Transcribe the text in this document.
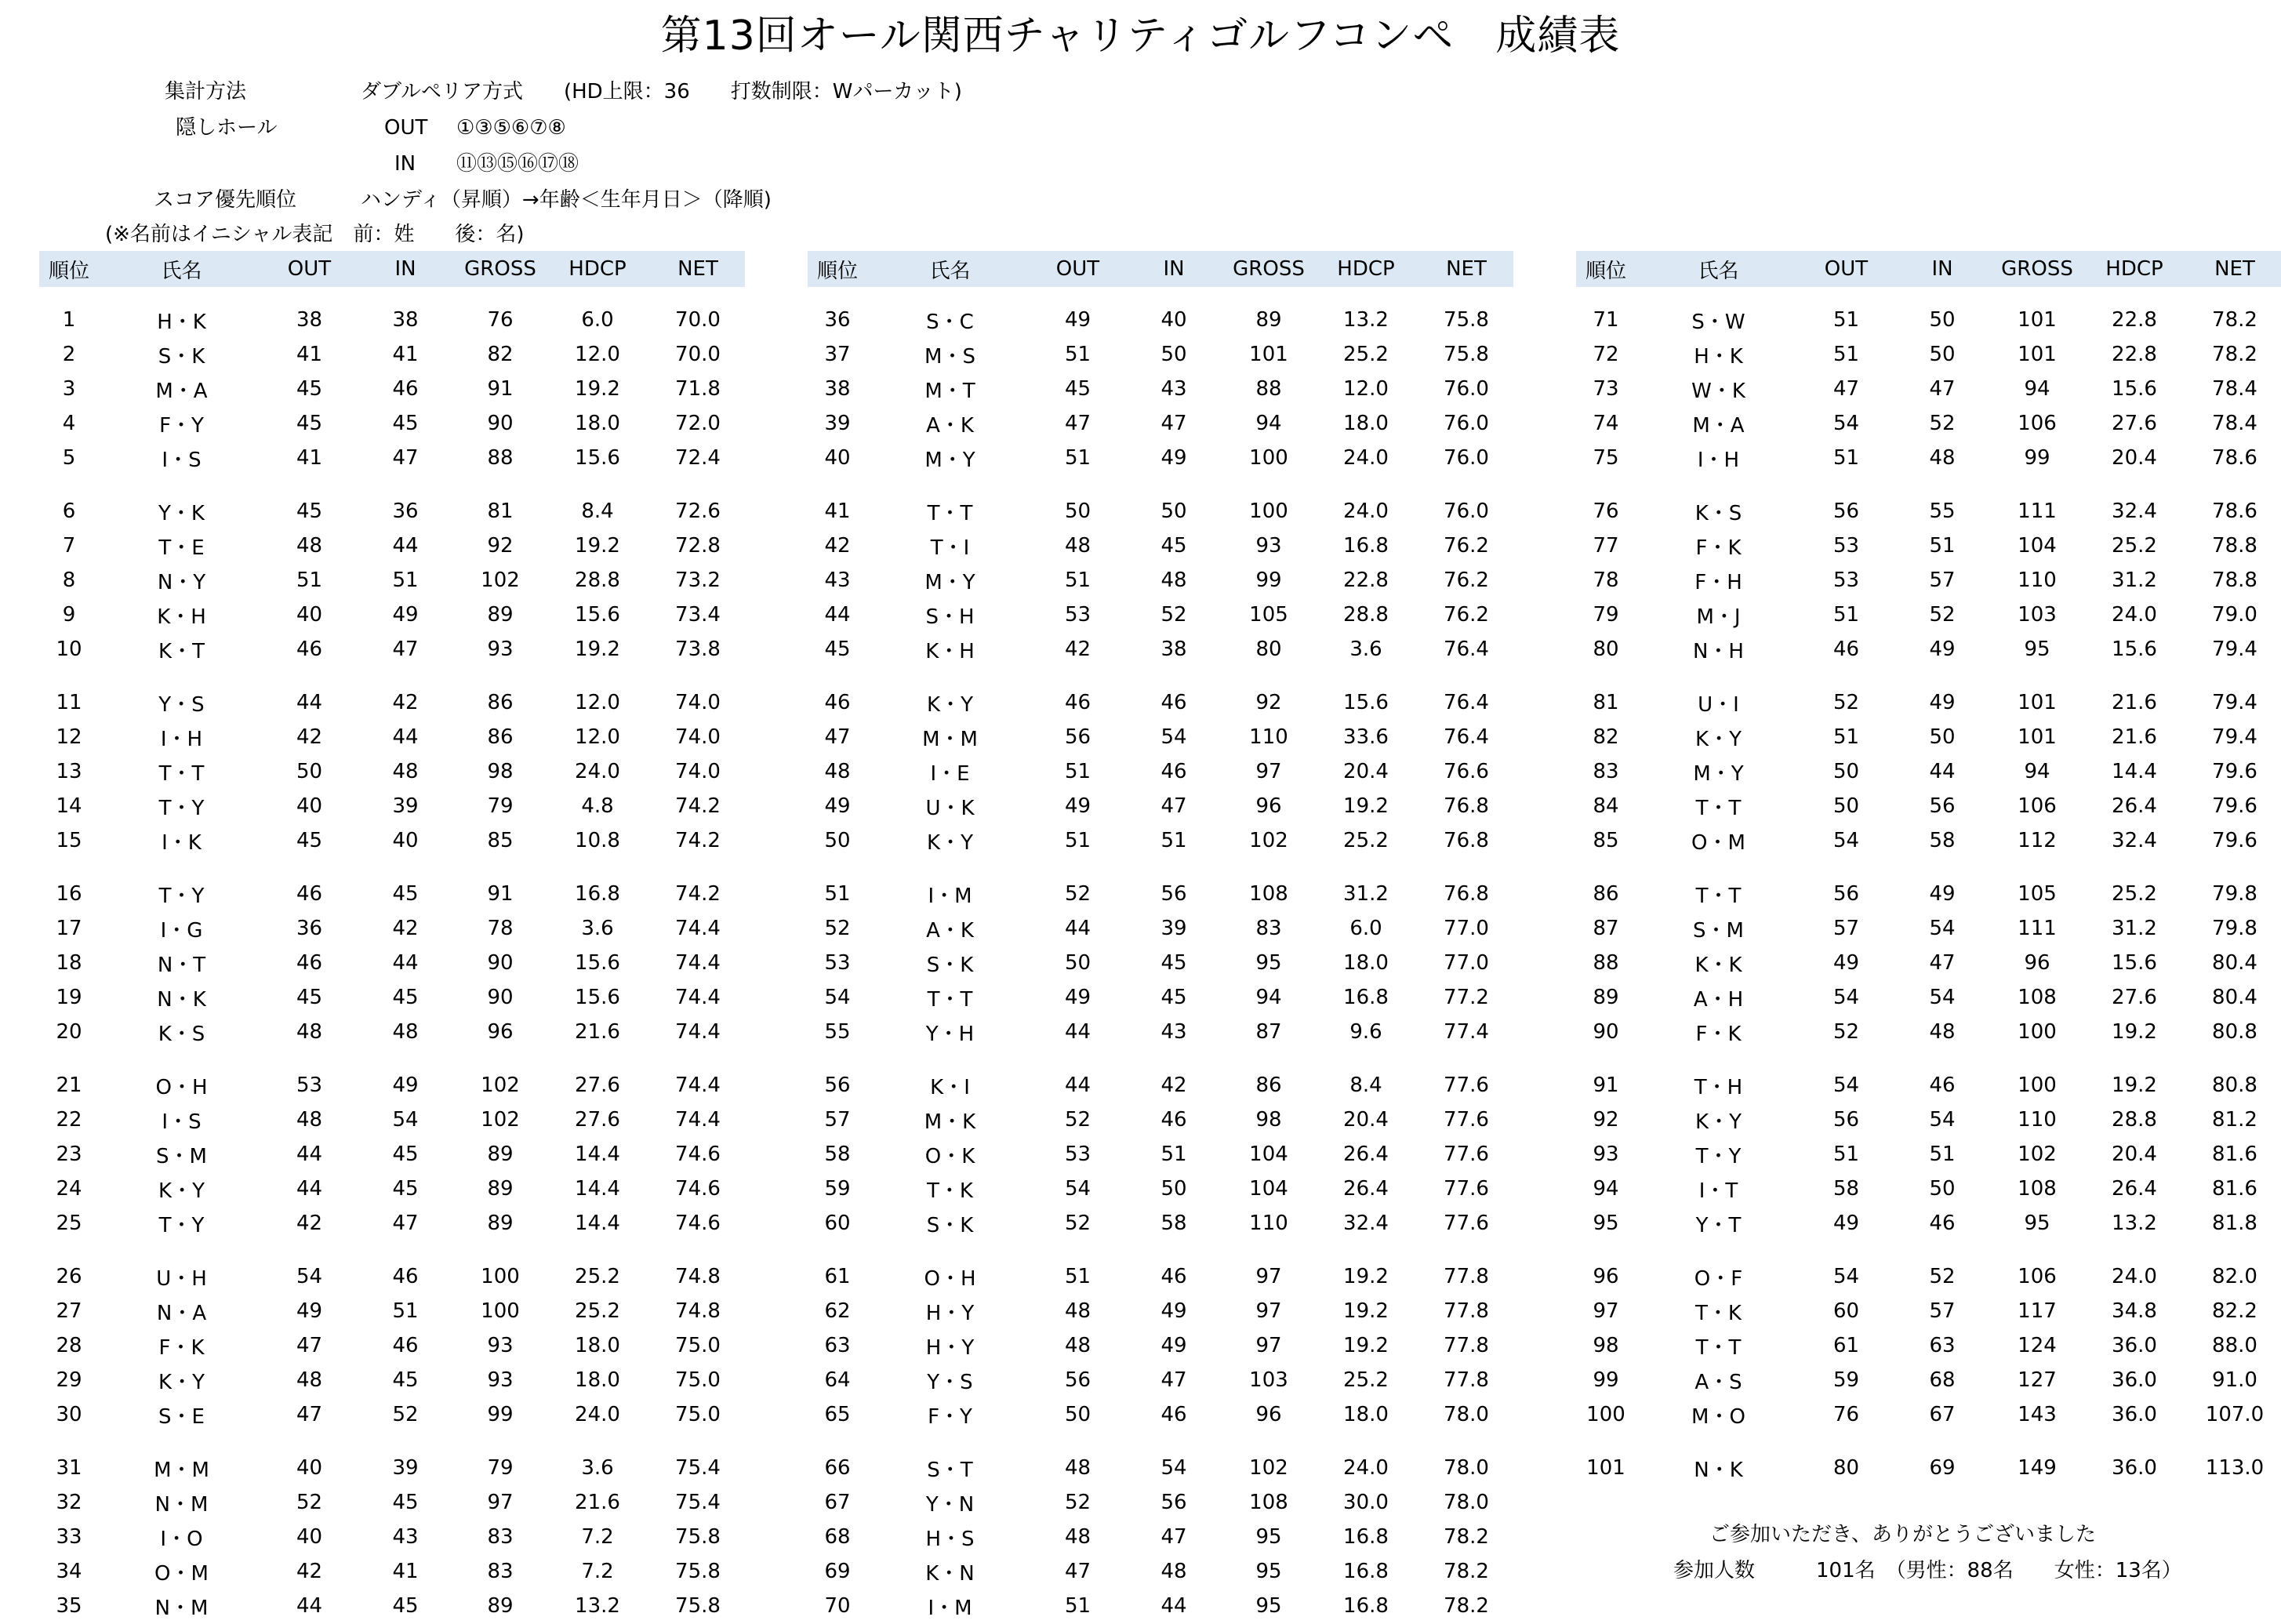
第13回オール関西チャリティゴルフコンペ　成績表
集計方法	ダブルペリア方式　　(HD上限：36　　打数制限：Wパーカット)
隠しホール	OUT ①③⑤⑥⑦⑧
IN ⑪⑬⑮⑯⑰⑱
スコア優先順位	ハンディ（昇順）→年齢＜生年月日＞（降順)
(※名前はイニシャル表記　前：姓　　後：名)
順位	氏名	OUT	IN	GROSS	HDCP	NET
1	H・K	38	38	76	6.0	70.0
2	S・K	41	41	82	12.0	70.0
3	M・A	45	46	91	19.2	71.8
4	F・Y	45	45	90	18.0	72.0
5	I・S	41	47	88	15.6	72.4
6	Y・K	45	36	81	8.4	72.6
7	T・E	48	44	92	19.2	72.8
8	N・Y	51	51	102	28.8	73.2
9	K・H	40	49	89	15.6	73.4
10	K・T	46	47	93	19.2	73.8
11	Y・S	44	42	86	12.0	74.0
12	I・H	42	44	86	12.0	74.0
13	T・T	50	48	98	24.0	74.0
14	T・Y	40	39	79	4.8	74.2
15	I・K	45	40	85	10.8	74.2
16	T・Y	46	45	91	16.8	74.2
17	I・G	36	42	78	3.6	74.4
18	N・T	46	44	90	15.6	74.4
19	N・K	45	45	90	15.6	74.4
20	K・S	48	48	96	21.6	74.4
21	O・H	53	49	102	27.6	74.4
22	I・S	48	54	102	27.6	74.4
23	S・M	44	45	89	14.4	74.6
24	K・Y	44	45	89	14.4	74.6
25	T・Y	42	47	89	14.4	74.6
26	U・H	54	46	100	25.2	74.8
27	N・A	49	51	100	25.2	74.8
28	F・K	47	46	93	18.0	75.0
29	K・Y	48	45	93	18.0	75.0
30	S・E	47	52	99	24.0	75.0
31	M・M	40	39	79	3.6	75.4
32	N・M	52	45	97	21.6	75.4
33	I・O	40	43	83	7.2	75.8
34	O・M	42	41	83	7.2	75.8
35	N・M	44	45	89	13.2	75.8
順位	氏名	OUT	IN	GROSS	HDCP	NET
36	S・C	49	40	89	13.2	75.8
37	M・S	51	50	101	25.2	75.8
38	M・T	45	43	88	12.0	76.0
39	A・K	47	47	94	18.0	76.0
40	M・Y	51	49	100	24.0	76.0
41	T・T	50	50	100	24.0	76.0
42	T・I	48	45	93	16.8	76.2
43	M・Y	51	48	99	22.8	76.2
44	S・H	53	52	105	28.8	76.2
45	K・H	42	38	80	3.6	76.4
46	K・Y	46	46	92	15.6	76.4
47	M・M	56	54	110	33.6	76.4
48	I・E	51	46	97	20.4	76.6
49	U・K	49	47	96	19.2	76.8
50	K・Y	51	51	102	25.2	76.8
51	I・M	52	56	108	31.2	76.8
52	A・K	44	39	83	6.0	77.0
53	S・K	50	45	95	18.0	77.0
54	T・T	49	45	94	16.8	77.2
55	Y・H	44	43	87	9.6	77.4
56	K・I	44	42	86	8.4	77.6
57	M・K	52	46	98	20.4	77.6
58	O・K	53	51	104	26.4	77.6
59	T・K	54	50	104	26.4	77.6
60	S・K	52	58	110	32.4	77.6
61	O・H	51	46	97	19.2	77.8
62	H・Y	48	49	97	19.2	77.8
63	H・Y	48	49	97	19.2	77.8
64	Y・S	56	47	103	25.2	77.8
65	F・Y	50	46	96	18.0	78.0
66	S・T	48	54	102	24.0	78.0
67	Y・N	52	56	108	30.0	78.0
68	H・S	48	47	95	16.8	78.2
69	K・N	47	48	95	16.8	78.2
70	I・M	51	44	95	16.8	78.2
順位	氏名	OUT	IN	GROSS	HDCP	NET
71	S・W	51	50	101	22.8	78.2
72	H・K	51	50	101	22.8	78.2
73	W・K	47	47	94	15.6	78.4
74	M・A	54	52	106	27.6	78.4
75	I・H	51	48	99	20.4	78.6
76	K・S	56	55	111	32.4	78.6
77	F・K	53	51	104	25.2	78.8
78	F・H	53	57	110	31.2	78.8
79	M・J	51	52	103	24.0	79.0
80	N・H	46	49	95	15.6	79.4
81	U・I	52	49	101	21.6	79.4
82	K・Y	51	50	101	21.6	79.4
83	M・Y	50	44	94	14.4	79.6
84	T・T	50	56	106	26.4	79.6
85	O・M	54	58	112	32.4	79.6
86	T・T	56	49	105	25.2	79.8
87	S・M	57	54	111	31.2	79.8
88	K・K	49	47	96	15.6	80.4
89	A・H	54	54	108	27.6	80.4
90	F・K	52	48	100	19.2	80.8
91	T・H	54	46	100	19.2	80.8
92	K・Y	56	54	110	28.8	81.2
93	T・Y	51	51	102	20.4	81.6
94	I・T	58	50	108	26.4	81.6
95	Y・T	49	46	95	13.2	81.8
96	O・F	54	52	106	24.0	82.0
97	T・K	60	57	117	34.8	82.2
98	T・T	61	63	124	36.0	88.0
99	A・S	59	68	127	36.0	91.0
100	M・O	76	67	143	36.0	107.0
101	N・K	80	69	149	36.0	113.0
ご参加いただき、ありがとうございました
参加人数　　　101名　（男性：88名　　女性：13名）
